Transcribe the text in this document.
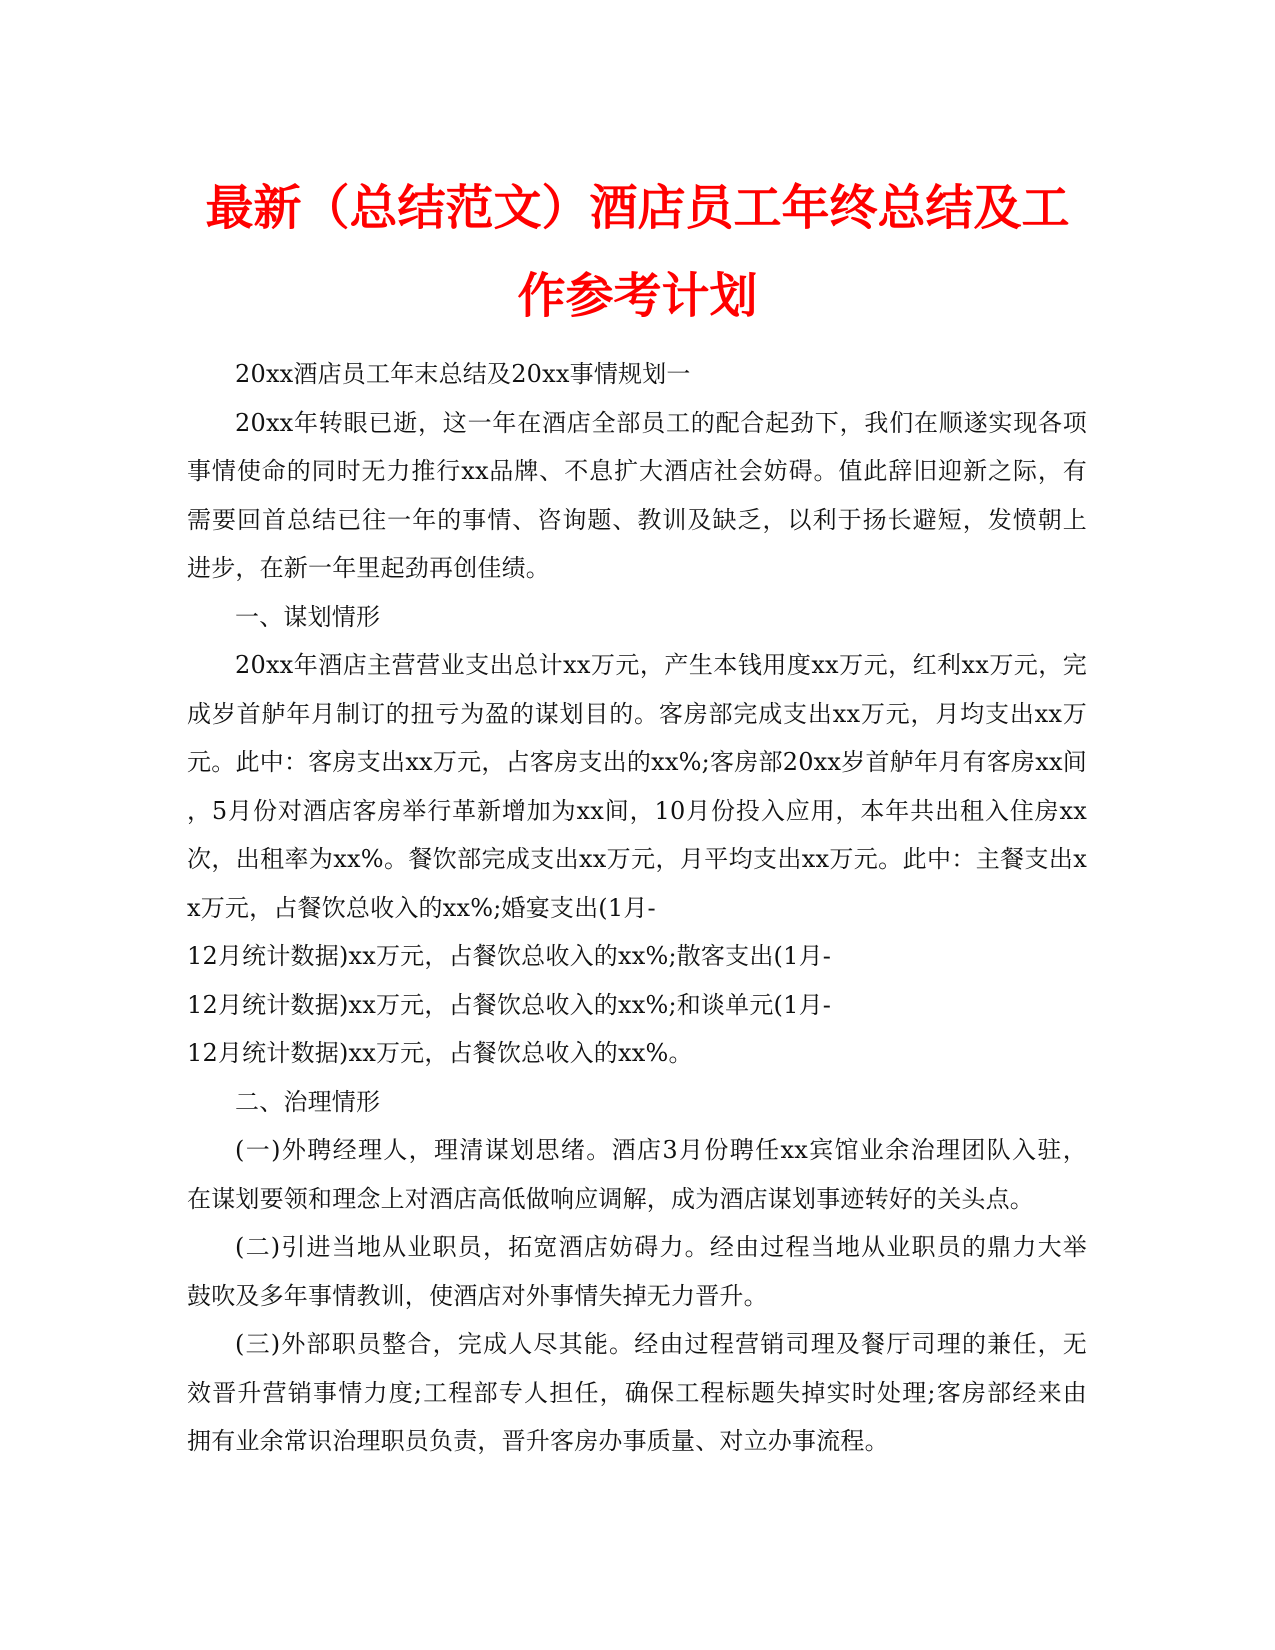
最新（总结范文）酒店员工年终总结及工
作参考计划
20xx酒店员工年末总结及20xx事情规划一
20xx年转眼已逝，这一年在酒店全部员工的配合起劲下，我们在顺遂实现各项
事情使命的同时无力推行xx品牌、不息扩大酒店社会妨碍。值此辞旧迎新之际，有
需要回首总结已往一年的事情、咨询题、教训及缺乏，以利于扬长避短，发愤朝上
进步，在新一年里起劲再创佳绩。
一、谋划情形
20xx年酒店主营营业支出总计xx万元，产生本钱用度xx万元，红利xx万元，完
成岁首舻年月制订的扭亏为盈的谋划目的。客房部完成支出xx万元，月均支出xx万
元。此中：客房支出xx万元，占客房支出的xx%;客房部20xx岁首舻年月有客房xx间
，5月份对酒店客房举行革新增加为xx间，10月份投入应用，本年共出租入住房xx
次，出租率为xx%。餐饮部完成支出xx万元，月平均支出xx万元。此中：主餐支出x
x万元，占餐饮总收入的xx%;婚宴支出(1月-
12月统计数据)xx万元，占餐饮总收入的xx%;散客支出(1月-
12月统计数据)xx万元，占餐饮总收入的xx%;和谈单元(1月-
12月统计数据)xx万元，占餐饮总收入的xx%。
二、治理情形
(一)外聘经理人，理清谋划思绪。酒店3月份聘任xx宾馆业余治理团队入驻，
在谋划要领和理念上对酒店高低做响应调解，成为酒店谋划事迹转好的关头点。
(二)引进当地从业职员，拓宽酒店妨碍力。经由过程当地从业职员的鼎力大举
鼓吹及多年事情教训，使酒店对外事情失掉无力晋升。
(三)外部职员整合，完成人尽其能。经由过程营销司理及餐厅司理的兼任，无
效晋升营销事情力度;工程部专人担任，确保工程标题失掉实时处理;客房部经来由
拥有业余常识治理职员负责，晋升客房办事质量、对立办事流程。
